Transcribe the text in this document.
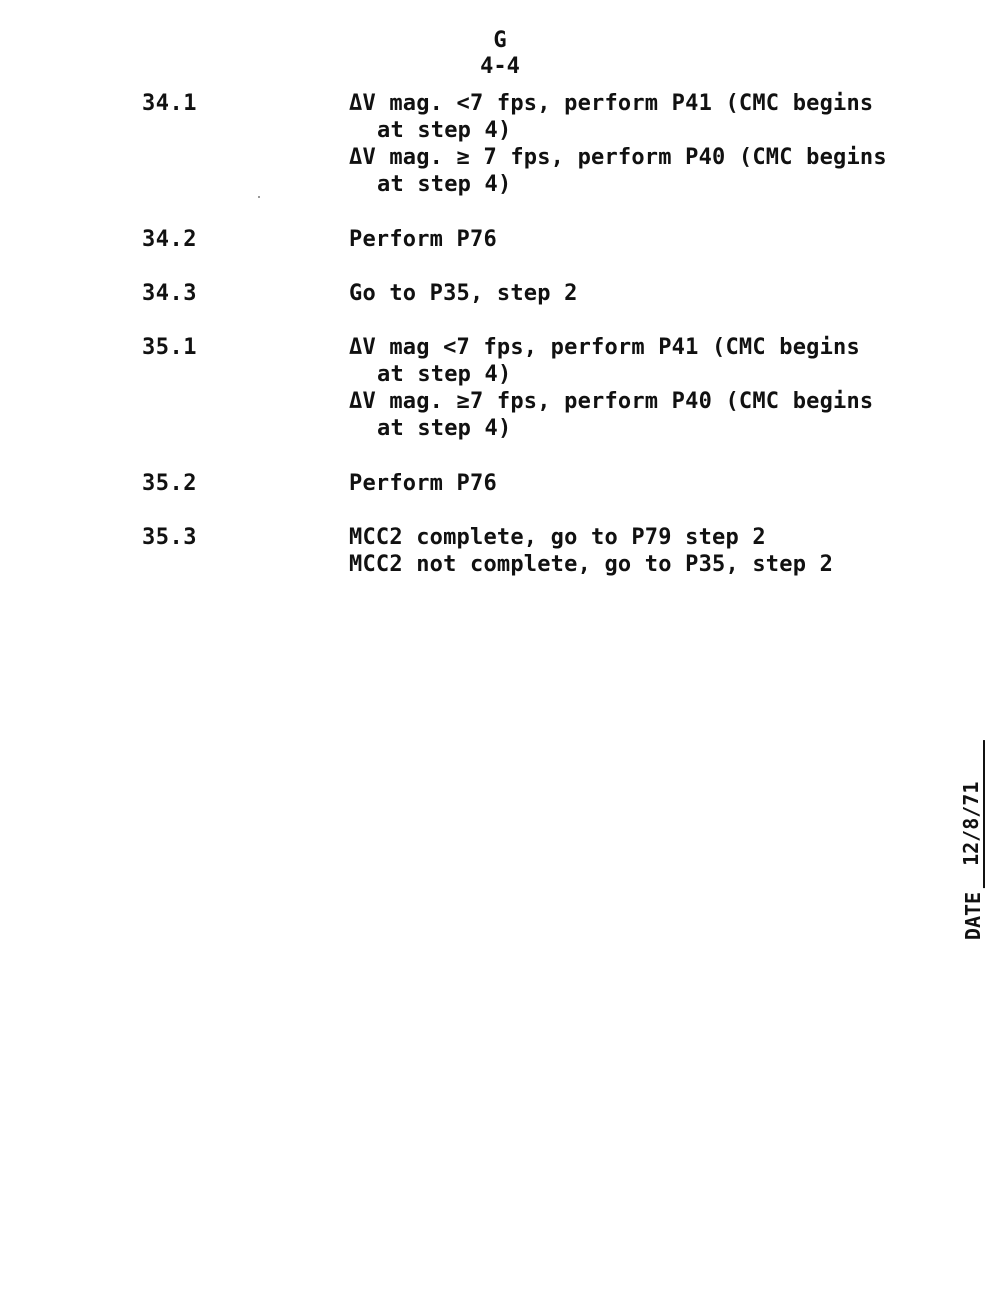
G
4-4
34.1	ΔV mag. <7 fps, perform P41 (CMC begins
at step 4)
ΔV mag. ≥ 7 fps, perform P40 (CMC begins
at step 4)
34.2	Perform P76
34.3	Go to P35, step 2
35.1	ΔV mag <7 fps, perform P41 (CMC begins
at step 4)
ΔV mag. ≥7 fps, perform P40 (CMC begins
at step 4)
35.2	Perform P76
35.3	MCC2 complete, go to P79 step 2
MCC2 not complete, go to P35, step 2
DATE
12/8/71
